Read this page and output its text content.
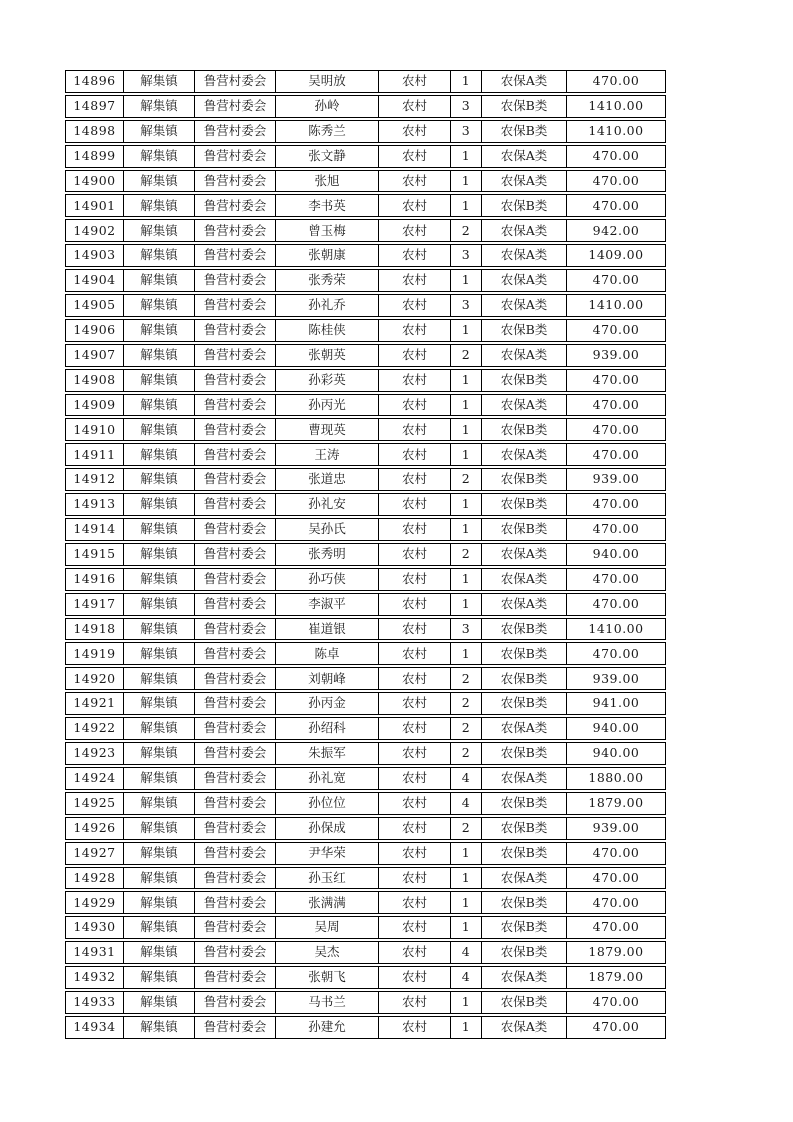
14896	解集镇	鲁营村委会	吴明放	农村	1	农保A类	470.00
14897	解集镇	鲁营村委会	孙岭	农村	3	农保B类	1410.00
14898	解集镇	鲁营村委会	陈秀兰	农村	3	农保B类	1410.00
14899	解集镇	鲁营村委会	张文静	农村	1	农保A类	470.00
14900	解集镇	鲁营村委会	张旭	农村	1	农保A类	470.00
14901	解集镇	鲁营村委会	李书英	农村	1	农保B类	470.00
14902	解集镇	鲁营村委会	曾玉梅	农村	2	农保A类	942.00
14903	解集镇	鲁营村委会	张朝康	农村	3	农保A类	1409.00
14904	解集镇	鲁营村委会	张秀荣	农村	1	农保A类	470.00
14905	解集镇	鲁营村委会	孙礼乔	农村	3	农保A类	1410.00
14906	解集镇	鲁营村委会	陈桂侠	农村	1	农保B类	470.00
14907	解集镇	鲁营村委会	张朝英	农村	2	农保A类	939.00
14908	解集镇	鲁营村委会	孙彩英	农村	1	农保B类	470.00
14909	解集镇	鲁营村委会	孙丙光	农村	1	农保A类	470.00
14910	解集镇	鲁营村委会	曹现英	农村	1	农保B类	470.00
14911	解集镇	鲁营村委会	王涛	农村	1	农保A类	470.00
14912	解集镇	鲁营村委会	张道忠	农村	2	农保B类	939.00
14913	解集镇	鲁营村委会	孙礼安	农村	1	农保B类	470.00
14914	解集镇	鲁营村委会	吴孙氏	农村	1	农保B类	470.00
14915	解集镇	鲁营村委会	张秀明	农村	2	农保A类	940.00
14916	解集镇	鲁营村委会	孙巧侠	农村	1	农保A类	470.00
14917	解集镇	鲁营村委会	李淑平	农村	1	农保A类	470.00
14918	解集镇	鲁营村委会	崔道银	农村	3	农保B类	1410.00
14919	解集镇	鲁营村委会	陈卓	农村	1	农保B类	470.00
14920	解集镇	鲁营村委会	刘朝峰	农村	2	农保B类	939.00
14921	解集镇	鲁营村委会	孙丙金	农村	2	农保B类	941.00
14922	解集镇	鲁营村委会	孙绍科	农村	2	农保A类	940.00
14923	解集镇	鲁营村委会	朱振军	农村	2	农保B类	940.00
14924	解集镇	鲁营村委会	孙礼宽	农村	4	农保A类	1880.00
14925	解集镇	鲁营村委会	孙位位	农村	4	农保B类	1879.00
14926	解集镇	鲁营村委会	孙保成	农村	2	农保B类	939.00
14927	解集镇	鲁营村委会	尹华荣	农村	1	农保B类	470.00
14928	解集镇	鲁营村委会	孙玉红	农村	1	农保A类	470.00
14929	解集镇	鲁营村委会	张满满	农村	1	农保B类	470.00
14930	解集镇	鲁营村委会	吴周	农村	1	农保B类	470.00
14931	解集镇	鲁营村委会	吴杰	农村	4	农保B类	1879.00
14932	解集镇	鲁营村委会	张朝飞	农村	4	农保A类	1879.00
14933	解集镇	鲁营村委会	马书兰	农村	1	农保B类	470.00
14934	解集镇	鲁营村委会	孙建允	农村	1	农保A类	470.00
